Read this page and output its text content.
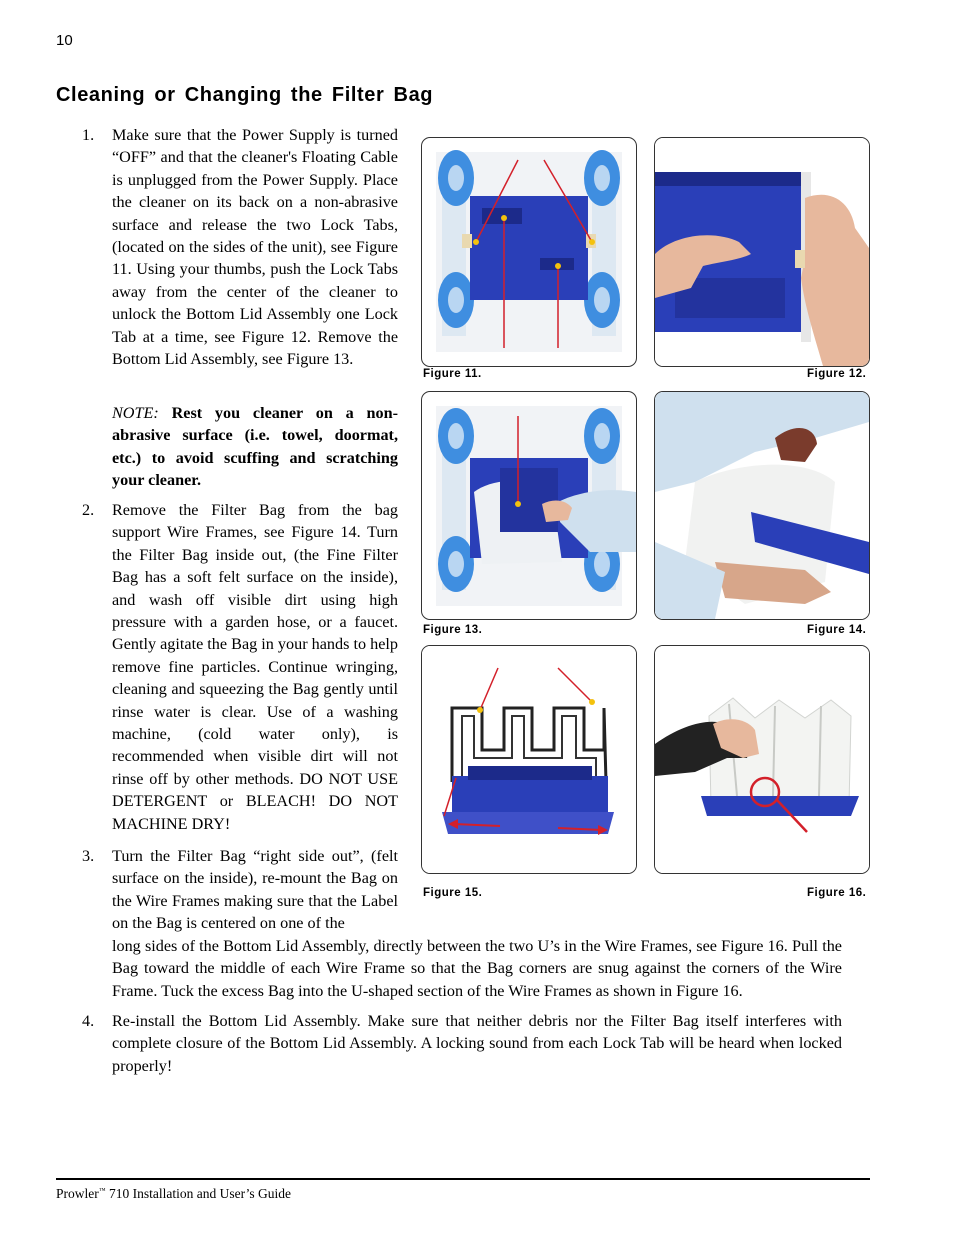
10
Cleaning or Changing the Filter Bag
1. Make sure that the Power Supply is turned “OFF” and that the cleaner's Floating Cable is unplugged from the Power Supply. Place the cleaner on its back on a non-abrasive surface and release the two Lock Tabs, (located on the sides of the unit), see Figure 11. Using your thumbs, push the Lock Tabs away from the center of the cleaner to unlock the Bottom Lid Assembly one Lock Tab at a time, see Figure 12. Remove the Bottom Lid Assembly, see Figure 13.

NOTE: Rest you cleaner on a non-abrasive surface (i.e. towel, doormat, etc.) to avoid scuffing and scratching your cleaner.
2. Remove the Filter Bag from the bag support Wire Frames, see Figure 14. Turn the Filter Bag inside out, (the Fine Filter Bag has a soft felt surface on the inside), and wash off visible dirt using high pressure with a garden hose, or a faucet. Gently agitate the Bag in your hands to help remove fine particles. Continue wringing, cleaning and squeezing the Bag gently until rinse water is clear. Use of a washing machine, (cold water only), is recommended when visible dirt will not rinse off by other methods. DO NOT USE DETERGENT or BLEACH! DO NOT MACHINE DRY!

3. Turn the Filter Bag “right side out”, (felt surface on the inside), re-mount the Bag on the Wire Frames making sure that the Label on the Bag is centered on one of the

long sides of the Bottom Lid Assembly, directly between the two U’s in the Wire Frames, see Figure 16. Pull the Bag toward the middle of each Wire Frame so that the Bag corners are snug against the corners of the Wire Frame. Tuck the excess Bag into the U-shaped section of the Wire Frames as shown in Figure 16.

4. Re-install the Bottom Lid Assembly. Make sure that neither debris nor the Filter Bag itself interferes with complete closure of the Bottom Lid Assembly. A locking sound from each Lock Tab will be heard when locked properly!

Figure 11.	Figure 12.
Figure 13.	Figure 14.
Figure 15.	Figure 16.
Prowler™ 710 Installation and User’s Guide
